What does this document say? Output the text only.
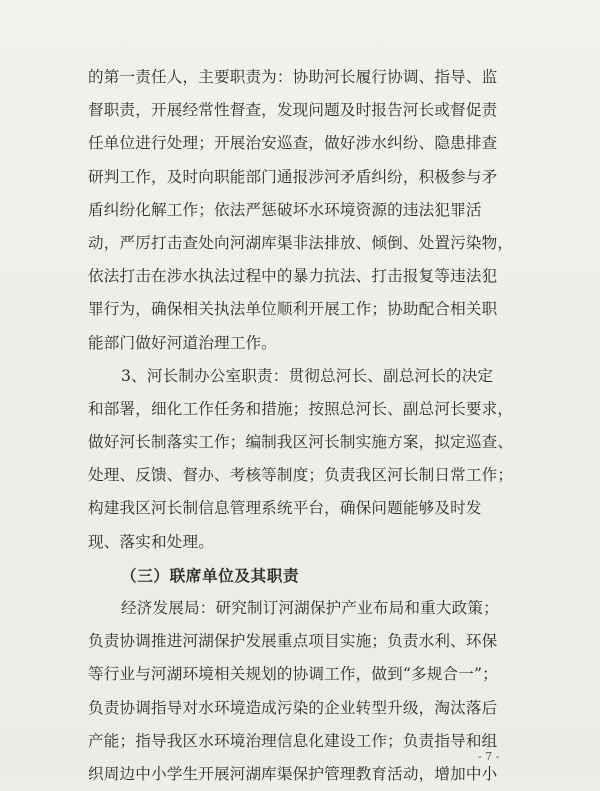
的第一责任人，主要职责为：协助河长履行协调、指导、监
督职责，开展经常性督查，发现问题及时报告河长或督促责
任单位进行处理；开展治安巡查，做好涉水纠纷、隐患排查
研判工作，及时向职能部门通报涉河矛盾纠纷，积极参与矛
盾纠纷化解工作；依法严惩破坏水环境资源的违法犯罪活
动，严厉打击查处向河湖库渠非法排放、倾倒、处置污染物，
依法打击在涉水执法过程中的暴力抗法、打击报复等违法犯
罪行为，确保相关执法单位顺利开展工作；协助配合相关职
能部门做好河道治理工作。
3、河长制办公室职责：贯彻总河长、副总河长的决定
和部署，细化工作任务和措施；按照总河长、副总河长要求，
做好河长制落实工作；编制我区河长制实施方案，拟定巡查、
处理、反馈、督办、考核等制度；负责我区河长制日常工作；
构建我区河长制信息管理系统平台，确保问题能够及时发
现、落实和处理。
（三）联席单位及其职责
经济发展局：研究制订河湖保护产业布局和重大政策；
负责协调推进河湖保护发展重点项目实施；负责水利、环保
等行业与河湖环境相关规划的协调工作，做到“多规合一”；
负责协调指导对水环境造成污染的企业转型升级，淘汰落后
产能；指导我区水环境治理信息化建设工作；负责指导和组
织周边中小学生开展河湖库渠保护管理教育活动，增加中小
- 7 -
